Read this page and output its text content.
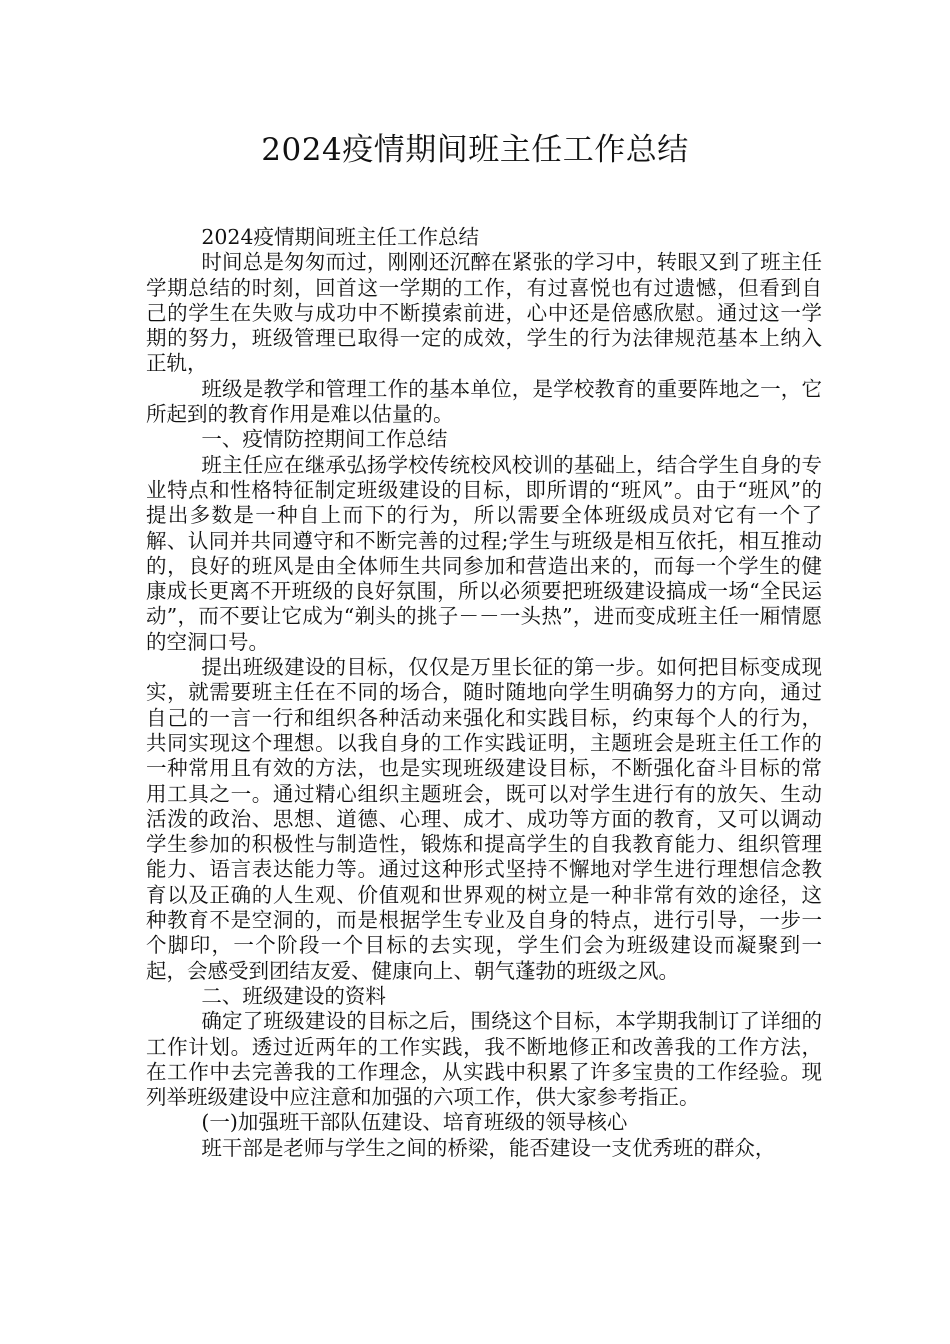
2024疫情期间班主任工作总结

2024疫情期间班主任工作总结

时间总是匆匆而过，刚刚还沉醉在紧张的学习中，转眼又到了班主任学期总结的时刻，回首这一学期的工作，有过喜悦也有过遗憾，但看到自己的学生在失败与成功中不断摸索前进，心中还是倍感欣慰。通过这一学期的努力，班级管理已取得一定的成效，学生的行为法律规范基本上纳入正轨，

班级是教学和管理工作的基本单位，是学校教育的重要阵地之一，它所起到的教育作用是难以估量的。

一、疫情防控期间工作总结

班主任应在继承弘扬学校传统校风校训的基础上，结合学生自身的专业特点和性格特征制定班级建设的目标，即所谓的“班风”。由于“班风”的提出多数是一种自上而下的行为，所以需要全体班级成员对它有一个了解、认同并共同遵守和不断完善的过程;学生与班级是相互依托，相互推动的，良好的班风是由全体师生共同参加和营造出来的，而每一个学生的健康成长更离不开班级的良好氛围，所以必须要把班级建设搞成一场“全民运动”，而不要让它成为“剃头的挑子－－一头热”，进而变成班主任一厢情愿的空洞口号。

提出班级建设的目标，仅仅是万里长征的第一步。如何把目标变成现实，就需要班主任在不同的场合，随时随地向学生明确努力的方向，通过自己的一言一行和组织各种活动来强化和实践目标，约束每个人的行为，共同实现这个理想。以我自身的工作实践证明，主题班会是班主任工作的一种常用且有效的方法，也是实现班级建设目标，不断强化奋斗目标的常用工具之一。通过精心组织主题班会，既可以对学生进行有的放矢、生动活泼的政治、思想、道德、心理、成才、成功等方面的教育，又可以调动学生参加的积极性与制造性，锻炼和提高学生的自我教育能力、组织管理能力、语言表达能力等。通过这种形式坚持不懈地对学生进行理想信念教育以及正确的人生观、价值观和世界观的树立是一种非常有效的途径，这种教育不是空洞的，而是根据学生专业及自身的特点，进行引导，一步一个脚印，一个阶段一个目标的去实现，学生们会为班级建设而凝聚到一起，会感受到团结友爱、健康向上、朝气蓬勃的班级之风。

二、班级建设的资料

确定了班级建设的目标之后，围绕这个目标，本学期我制订了详细的工作计划。透过近两年的工作实践，我不断地修正和改善我的工作方法，在工作中去完善我的工作理念，从实践中积累了许多宝贵的工作经验。现列举班级建设中应注意和加强的六项工作，供大家参考指正。

(一)加强班干部队伍建设、培育班级的领导核心

班干部是老师与学生之间的桥梁，能否建设一支优秀班的群众，
